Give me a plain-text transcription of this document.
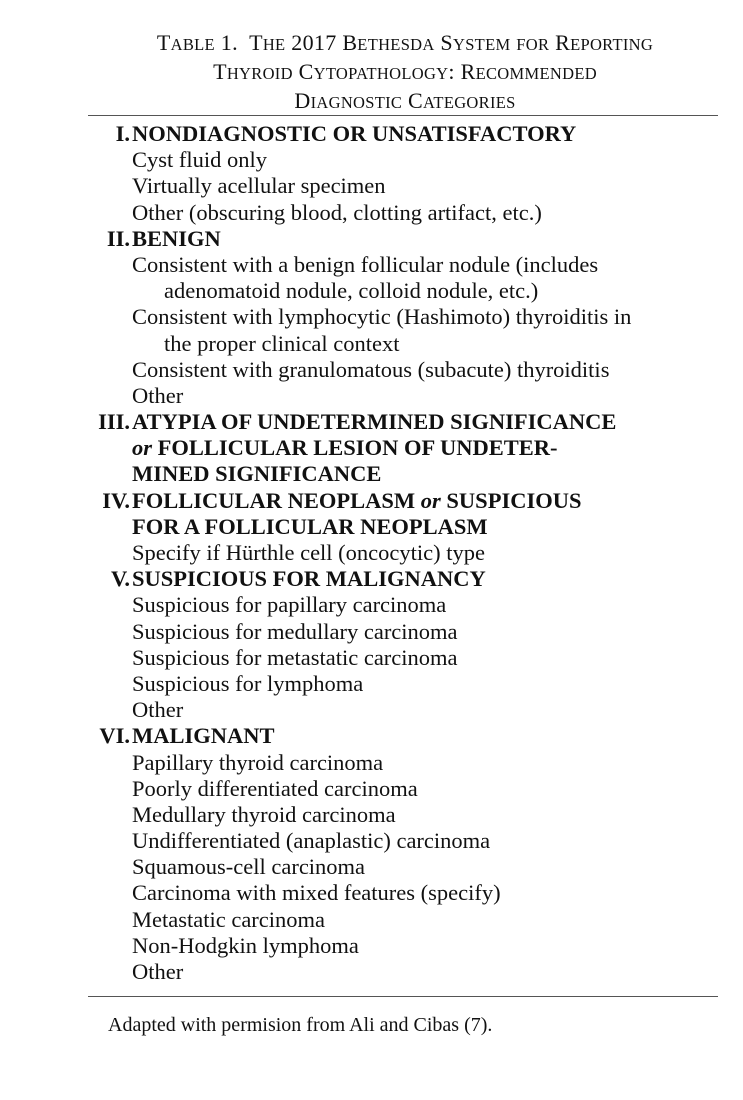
TABLE 1. THE 2017 BETHESDA SYSTEM FOR REPORTING
THYROID CYTOPATHOLOGY: RECOMMENDED
DIAGNOSTIC CATEGORIES
I. NONDIAGNOSTIC OR UNSATISFACTORY
Cyst fluid only
Virtually acellular specimen
Other (obscuring blood, clotting artifact, etc.)
II. BENIGN
Consistent with a benign follicular nodule (includes
adenomatoid nodule, colloid nodule, etc.)
Consistent with lymphocytic (Hashimoto) thyroiditis in
the proper clinical context
Consistent with granulomatous (subacute) thyroiditis
Other
III. ATYPIA OF UNDETERMINED SIGNIFICANCE
or FOLLICULAR LESION OF UNDETER-
MINED SIGNIFICANCE
IV. FOLLICULAR NEOPLASM or SUSPICIOUS
FOR A FOLLICULAR NEOPLASM
Specify if Hürthle cell (oncocytic) type
V. SUSPICIOUS FOR MALIGNANCY
Suspicious for papillary carcinoma
Suspicious for medullary carcinoma
Suspicious for metastatic carcinoma
Suspicious for lymphoma
Other
VI. MALIGNANT
Papillary thyroid carcinoma
Poorly differentiated carcinoma
Medullary thyroid carcinoma
Undifferentiated (anaplastic) carcinoma
Squamous-cell carcinoma
Carcinoma with mixed features (specify)
Metastatic carcinoma
Non-Hodgkin lymphoma
Other
Adapted with permision from Ali and Cibas (7).
